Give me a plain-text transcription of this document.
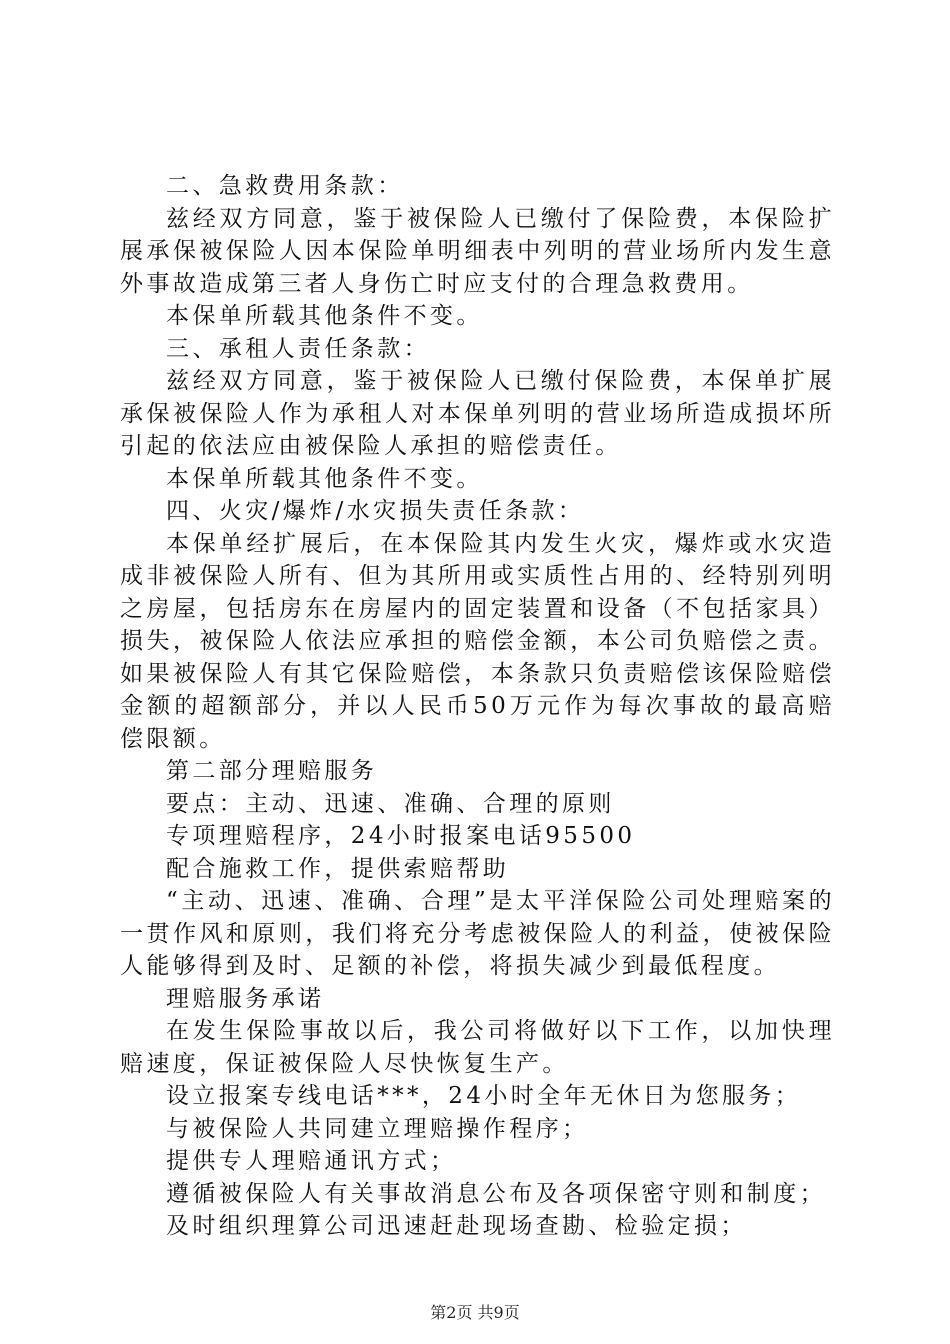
二、急救费用条款：

兹经双方同意，鉴于被保险人已缴付了保险费，本保险扩展承保被保险人因本保险单明细表中列明的营业场所内发生意外事故造成第三者人身伤亡时应支付的合理急救费用。

本保单所载其他条件不变。

三、承租人责任条款：

兹经双方同意，鉴于被保险人已缴付保险费，本保单扩展承保被保险人作为承租人对本保单列明的营业场所造成损坏所引起的依法应由被保险人承担的赔偿责任。

本保单所载其他条件不变。

四、火灾/爆炸/水灾损失责任条款：

本保单经扩展后，在本保险其内发生火灾，爆炸或水灾造成非被保险人所有、但为其所用或实质性占用的、经特别列明之房屋，包括房东在房屋内的固定装置和设备（不包括家具）损失，被保险人依法应承担的赔偿金额，本公司负赔偿之责。如果被保险人有其它保险赔偿，本条款只负责赔偿该保险赔偿金额的超额部分，并以人民币50万元作为每次事故的最高赔偿限额。

第二部分理赔服务

要点：主动、迅速、准确、合理的原则

专项理赔程序，24小时报案电话95500

配合施救工作，提供索赔帮助

“主动、迅速、准确、合理”是太平洋保险公司处理赔案的一贯作风和原则，我们将充分考虑被保险人的利益，使被保险人能够得到及时、足额的补偿，将损失减少到最低程度。

理赔服务承诺

在发生保险事故以后，我公司将做好以下工作，以加快理赔速度，保证被保险人尽快恢复生产。

设立报案专线电话***，24小时全年无休日为您服务；

与被保险人共同建立理赔操作程序；

提供专人理赔通讯方式；

遵循被保险人有关事故消息公布及各项保密守则和制度；

及时组织理算公司迅速赶赴现场查勘、检验定损；

第2页 共9页
